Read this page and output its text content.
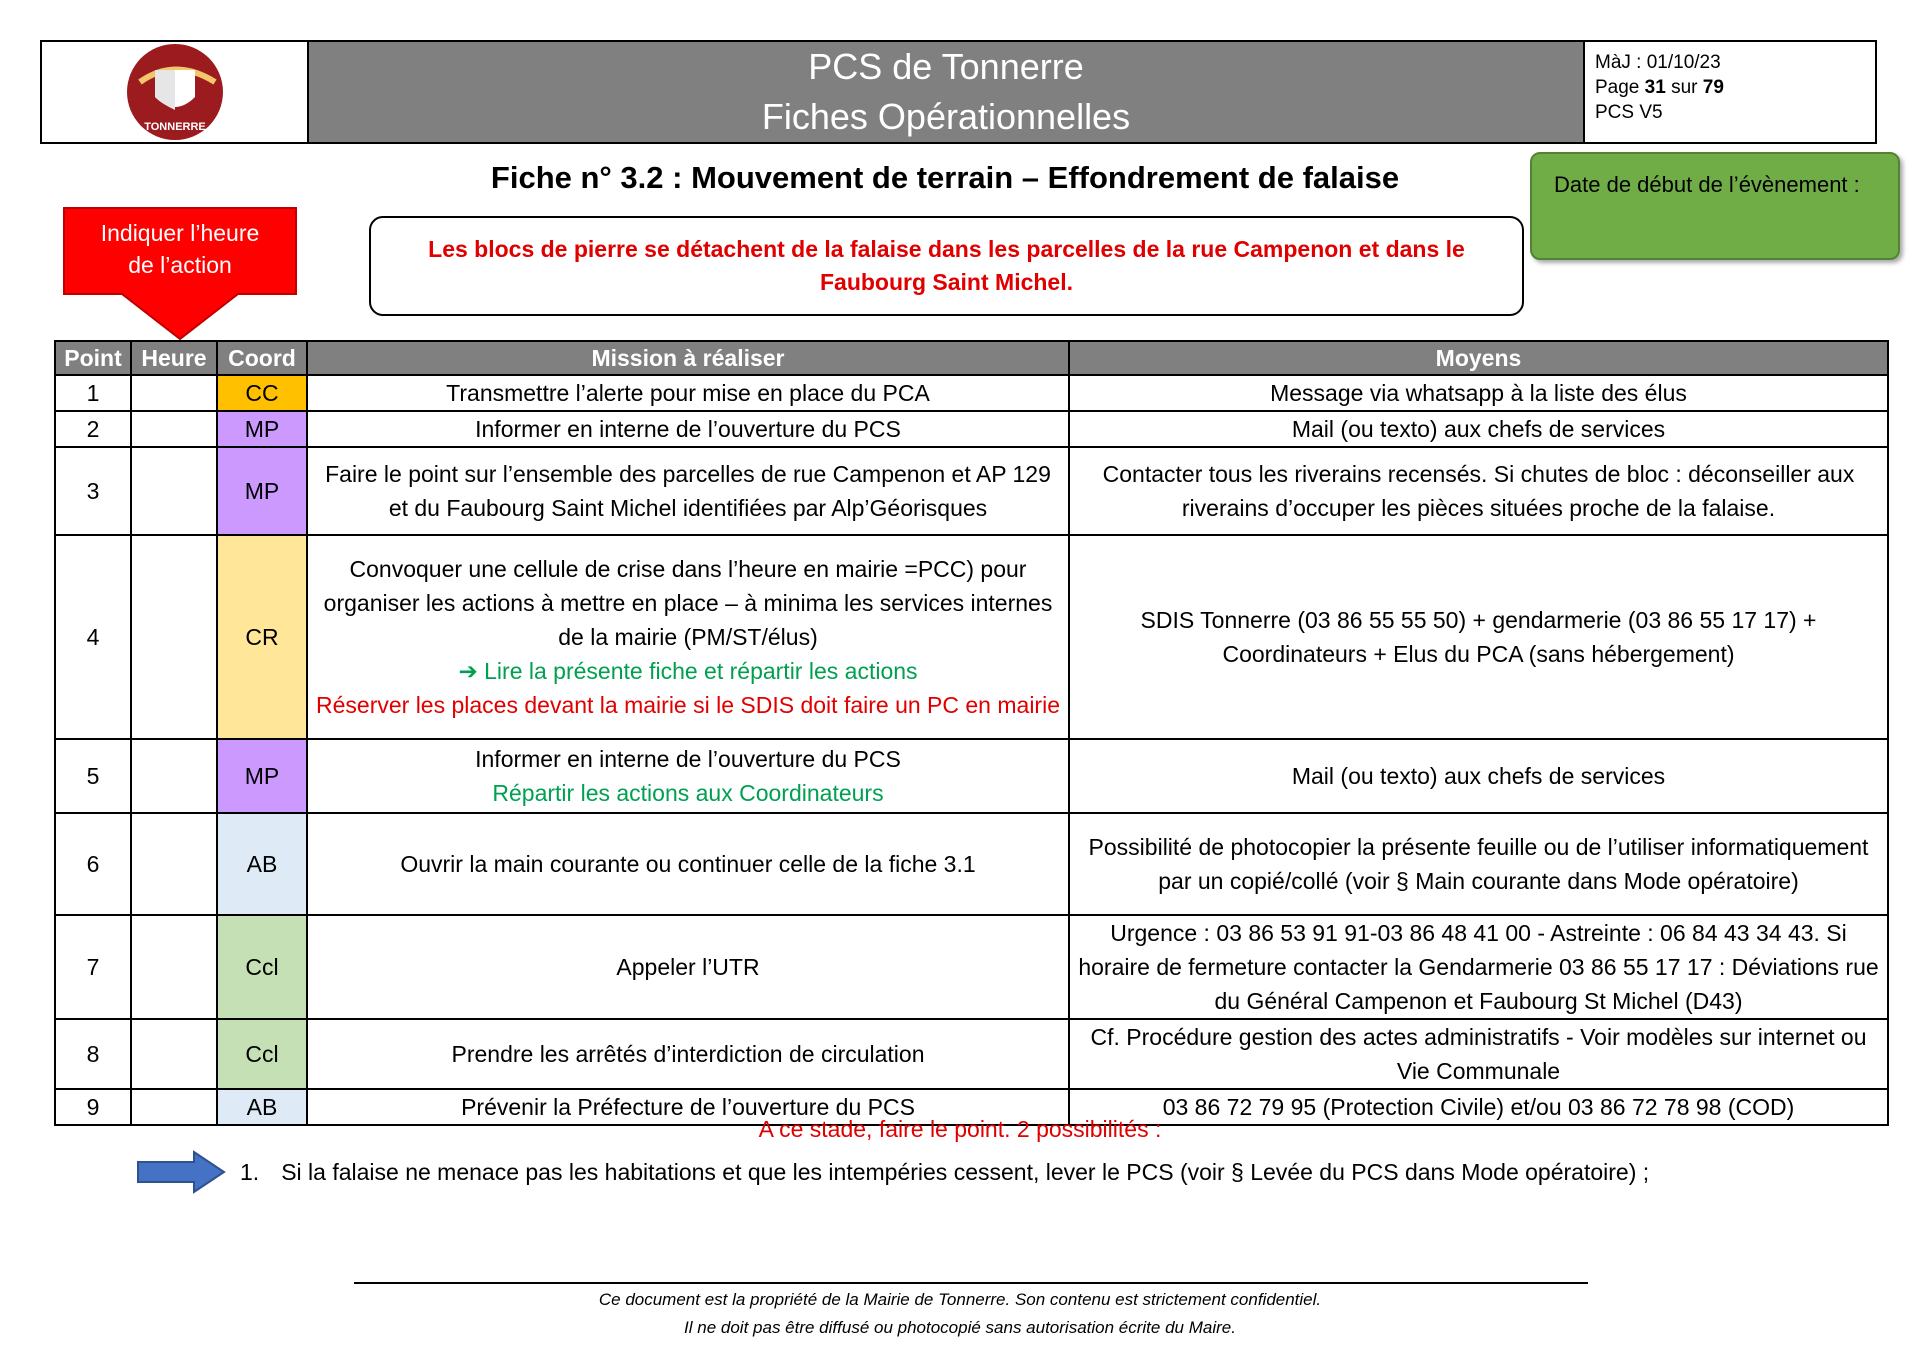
TONNERRE
PCS de Tonnerre
Fiches Opérationnelles
MàJ : 01/10/23
Page 31 sur 79
PCS V5
Fiche n° 3.2 : Mouvement de terrain – Effondrement de falaise	Date de début de l’évènement :
Indiquer l’heure
de l’action
Les blocs de pierre se détachent de la falaise dans les parcelles de la rue Campenon et dans le Faubourg Saint Michel.
Point	Heure	Coord	Mission à réaliser	Moyens
1		CC	Transmettre l’alerte pour mise en place du PCA	Message via whatsapp à la liste des élus
2		MP	Informer en interne de l’ouverture du PCS	Mail (ou texto) aux chefs de services
3		MP	Faire le point sur l’ensemble des parcelles de rue Campenon et AP 129 et du Faubourg Saint Michel identifiées par Alp’Géorisques	Contacter tous les riverains recensés. Si chutes de bloc : déconseiller aux riverains d’occuper les pièces situées proche de la falaise.
4		CR	Convoquer une cellule de crise dans l’heure en mairie =PCC) pour organiser les actions à mettre en place – à minima les services internes de la mairie (PM/ST/élus)
➔ Lire la présente fiche et répartir les actions
Réserver les places devant la mairie si le SDIS doit faire un PC en mairie	SDIS Tonnerre (03 86 55 55 50) + gendarmerie (03 86 55 17 17) + Coordinateurs + Elus du PCA (sans hébergement)
5		MP	Informer en interne de l’ouverture du PCS
Répartir les actions aux Coordinateurs	Mail (ou texto) aux chefs de services
6		AB	Ouvrir la main courante ou continuer celle de la fiche 3.1	Possibilité de photocopier la présente feuille ou de l’utiliser informatiquement par un copié/collé (voir § Main courante dans Mode opératoire)
7		Ccl	Appeler l’UTR	Urgence : 03 86 53 91 91-03 86 48 41 00 - Astreinte : 06 84 43 34 43. Si horaire de fermeture contacter la Gendarmerie 03 86 55 17 17 : Déviations rue du Général Campenon et Faubourg St Michel (D43)
8		Ccl	Prendre les arrêtés d’interdiction de circulation	Cf. Procédure gestion des actes administratifs - Voir modèles sur internet ou Vie Communale
9		AB	Prévenir la Préfecture de l’ouverture du PCS	03 86 72 79 95 (Protection Civile) et/ou 03 86 72 78 98 (COD)
A ce stade, faire le point. 2 possibilités :
1. Si la falaise ne menace pas les habitations et que les intempéries cessent, lever le PCS (voir § Levée du PCS dans Mode opératoire) ;
Ce document est la propriété de la Mairie de Tonnerre. Son contenu est strictement confidentiel.
Il ne doit pas être diffusé ou photocopié sans autorisation écrite du Maire.
